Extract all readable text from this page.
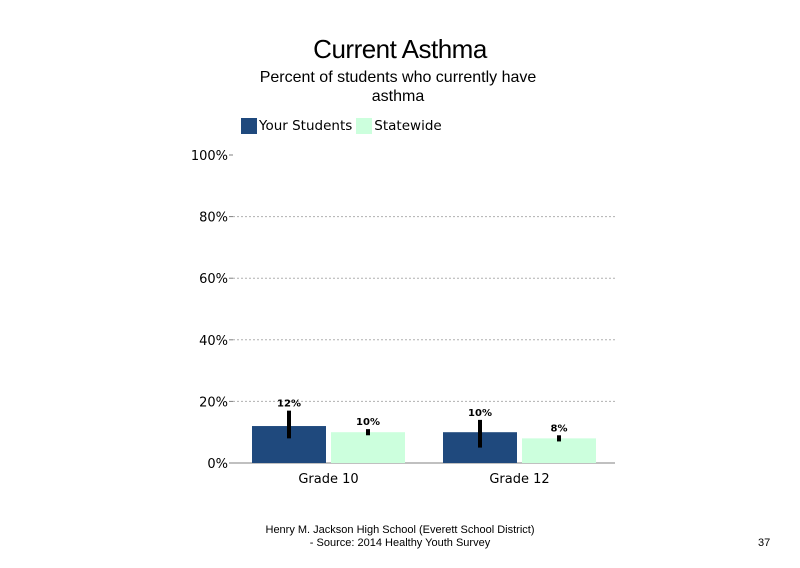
Current Asthma
Percent of students who currently have asthma
Your Students Statewide
0%
20%
40%
60%
80%
100%
12%
10%
Grade 10
10%
8%
Grade 12
Henry M. Jackson High School (Everett School District)
- Source: 2014 Healthy Youth Survey	37
